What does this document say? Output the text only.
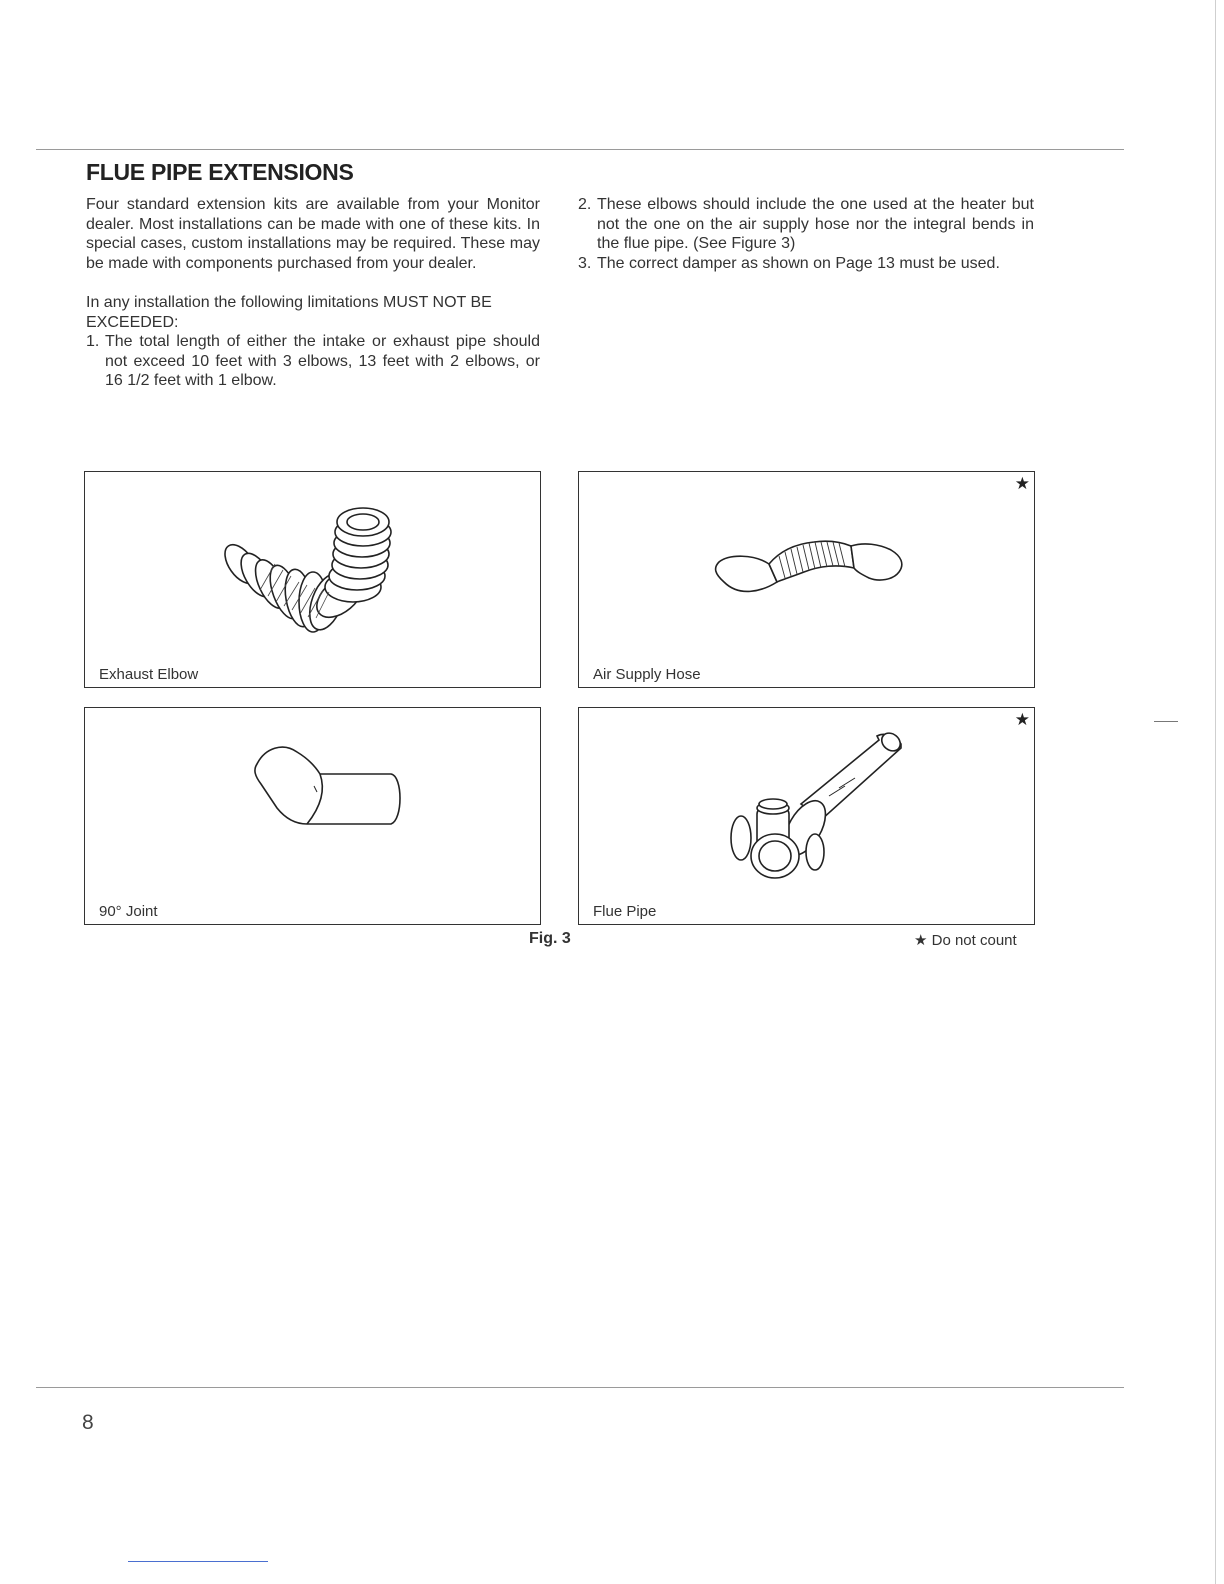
FLUE PIPE EXTENSIONS

Four standard extension kits are available from your Monitor dealer. Most installations can be made with one of these kits. In special cases, custom installations may be required. These may be made with components purchased from your dealer.

In any installation the following limitations MUST NOT BE EXCEEDED:

1. The total length of either the intake or exhaust pipe should not exceed 10 feet with 3 elbows, 13 feet with 2 elbows, or 16 1/2 feet with 1 elbow.
2. These elbows should include the one used at the heater but not the one on the air supply hose nor the integral bends in the flue pipe. (See Figure 3)
3. The correct damper as shown on Page 13 must be used.
Exhaust Elbow
★
Air Supply Hose
90° Joint
★
Flue Pipe
Fig. 3	★ Do not count
8
